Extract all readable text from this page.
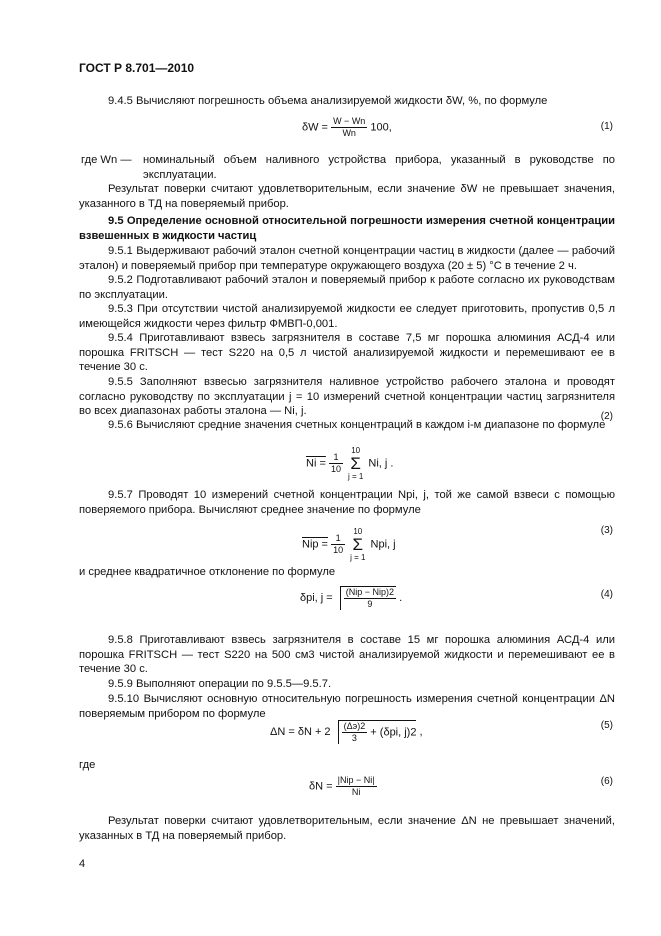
ГОСТ Р 8.701—2010
9.4.5 Вычисляют погрешность объема анализируемой жидкости δW, %, по формуле
$\delta W = \frac{W - Wn}{Wn} 100$,	(1)
где Wn —	номинальный объем наливного устройства прибора, указанный в руководстве по эксплуатации.
Результат поверки считают удовлетворительным, если значение δW не превышает значения, указанного в ТД на поверяемый прибор.
9.5 Определение основной относительной погрешности измерения счетной концентрации взвешенных в жидкости частиц
9.5.1 Выдерживают рабочий эталон счетной концентрации частиц в жидкости (далее — рабочий эталон) и поверяемый прибор при температуре окружающего воздуха (20 ± 5) °С в течение 2 ч.
9.5.2 Подготавливают рабочий эталон и поверяемый прибор к работе согласно их руководствам по эксплуатации.
9.5.3 При отсутствии чистой анализируемой жидкости ее следует приготовить, пропустив 0,5 л имеющейся жидкости через фильтр ФМВП-0,001.
9.5.4 Приготавливают взвесь загрязнителя в составе 7,5 мг порошка алюминия АСД-4 или порошка FRITSCH — тест S220 на 0,5 л чистой анализируемой жидкости и перемешивают ее в течение 30 с.
9.5.5 Заполняют взвесью загрязнителя наливное устройство рабочего эталона и проводят согласно руководству по эксплуатации j = 10 измерений счетной концентрации частиц загрязнителя во всех диапазонах работы эталона — Ni, j.
9.5.6 Вычисляют средние значения счетных концентраций в каждом i-м диапазоне по формуле
$Ni = \frac{1}{10}$
10
Σ
j = 1 Ni, j .
(2)
9.5.7 Проводят 10 измерений счетной концентрации Npi, j, той же самой взвеси с помощью поверяемого прибора. Вычисляют среднее значение по формуле
Nip = $\frac{1}{10}$
10
Σ
j = 1 Npi, j
(3)
и среднее квадратичное отклонение по формуле
δpi, $j = \frac{\text{(Nip − Nip)2}}{9}$ .	(4)
9.5.8 Приготавливают взвесь загрязнителя в составе 15 мг порошка алюминия АСД-4 или порошка FRITSCH — тест S220 на 500 см3 чистой анализируемой жидкости и перемешивают ее в течение 30 с.
9.5.9 Выполняют операции по 9.5.5—9.5.7.
9.5.10 Вычисляют основную относительную погрешность измерения счетной концентрации ΔN поверяемым прибором по формуле
$\Delta N = \delta N + 2 \frac{(\Delta э)2}{3} + (\delta pi$, j)2 ,
(5)
где
$\delta N = \frac{\text{|Nip − Ni|}}{Ni}$	(6)
Результат поверки считают удовлетворительным, если значение ΔN не превышает значений, указанных в ТД на поверяемый прибор.
4
